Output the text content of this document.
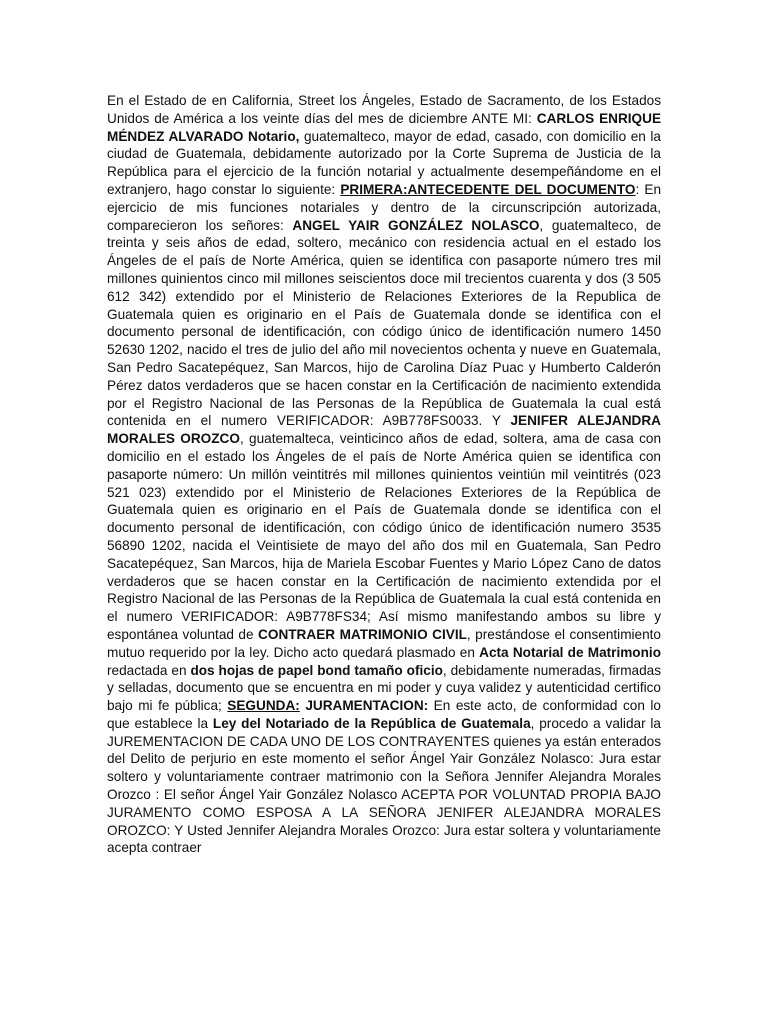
En el Estado de en California, Street los Ángeles, Estado de Sacramento, de los Estados Unidos de América a los veinte días del mes de diciembre ANTE MI: CARLOS ENRIQUE MÉNDEZ ALVARADO Notario, guatemalteco, mayor de edad, casado, con domicilio en la ciudad de Guatemala, debidamente autorizado por la Corte Suprema de Justicia de la República para el ejercicio de la función notarial y actualmente desempeñándome en el extranjero, hago constar lo siguiente: PRIMERA:ANTECEDENTE DEL DOCUMENTO: En ejercicio de mis funciones notariales y dentro de la circunscripción autorizada, comparecieron los señores: ANGEL YAIR GONZÁLEZ NOLASCO, guatemalteco, de treinta y seis años de edad, soltero, mecánico con residencia actual en el estado los Ángeles de el país de Norte América, quien se identifica con pasaporte número tres mil millones quinientos cinco mil millones seiscientos doce mil trecientos cuarenta y dos (3 505 612 342) extendido por el Ministerio de Relaciones Exteriores de la Republica de Guatemala quien es originario en el País de Guatemala donde se identifica con el documento personal de identificación, con código único de identificación numero 1450 52630 1202, nacido el tres de julio del año mil novecientos ochenta y nueve en Guatemala, San Pedro Sacatepéquez, San Marcos, hijo de Carolina Díaz Puac y Humberto Calderón Pérez datos verdaderos que se hacen constar en la Certificación de nacimiento extendida por el Registro Nacional de las Personas de la República de Guatemala la cual está contenida en el numero VERIFICADOR: A9B778FS0033. Y JENIFER ALEJANDRA MORALES OROZCO, guatemalteca, veinticinco años de edad, soltera, ama de casa con domicilio en el estado los Ángeles de el país de Norte América quien se identifica con pasaporte número: Un millón veintitrés mil millones quinientos veintiún mil veintitrés (023 521 023) extendido por el Ministerio de Relaciones Exteriores de la República de Guatemala quien es originario en el País de Guatemala donde se identifica con el documento personal de identificación, con código único de identificación numero 3535 56890 1202, nacida el Veintisiete de mayo del año dos mil en Guatemala, San Pedro Sacatepéquez, San Marcos, hija de Mariela Escobar Fuentes y Mario López Cano de datos verdaderos que se hacen constar en la Certificación de nacimiento extendida por el Registro Nacional de las Personas de la República de Guatemala la cual está contenida en el numero VERIFICADOR: A9B778FS34; Así mismo manifestando ambos su libre y espontánea voluntad de CONTRAER MATRIMONIO CIVIL, prestándose el consentimiento mutuo requerido por la ley. Dicho acto quedará plasmado en Acta Notarial de Matrimonio redactada en dos hojas de papel bond tamaño oficio, debidamente numeradas, firmadas y selladas, documento que se encuentra en mi poder y cuya validez y autenticidad certifico bajo mi fe pública; SEGUNDA: JURAMENTACION: En este acto, de conformidad con lo que establece la Ley del Notariado de la República de Guatemala, procedo a validar la JUREMENTACION DE CADA UNO DE LOS CONTRAYENTES quienes ya están enterados del Delito de perjurio en este momento el señor Ángel Yair González Nolasco: Jura estar soltero y voluntariamente contraer matrimonio con la Señora Jennifer Alejandra Morales Orozco : El señor Ángel Yair González Nolasco ACEPTA POR VOLUNTAD PROPIA BAJO JURAMENTO COMO ESPOSA A LA SEÑORA JENIFER ALEJANDRA MORALES OROZCO: Y Usted Jennifer Alejandra Morales Orozco: Jura estar soltera y voluntariamente acepta contraer
